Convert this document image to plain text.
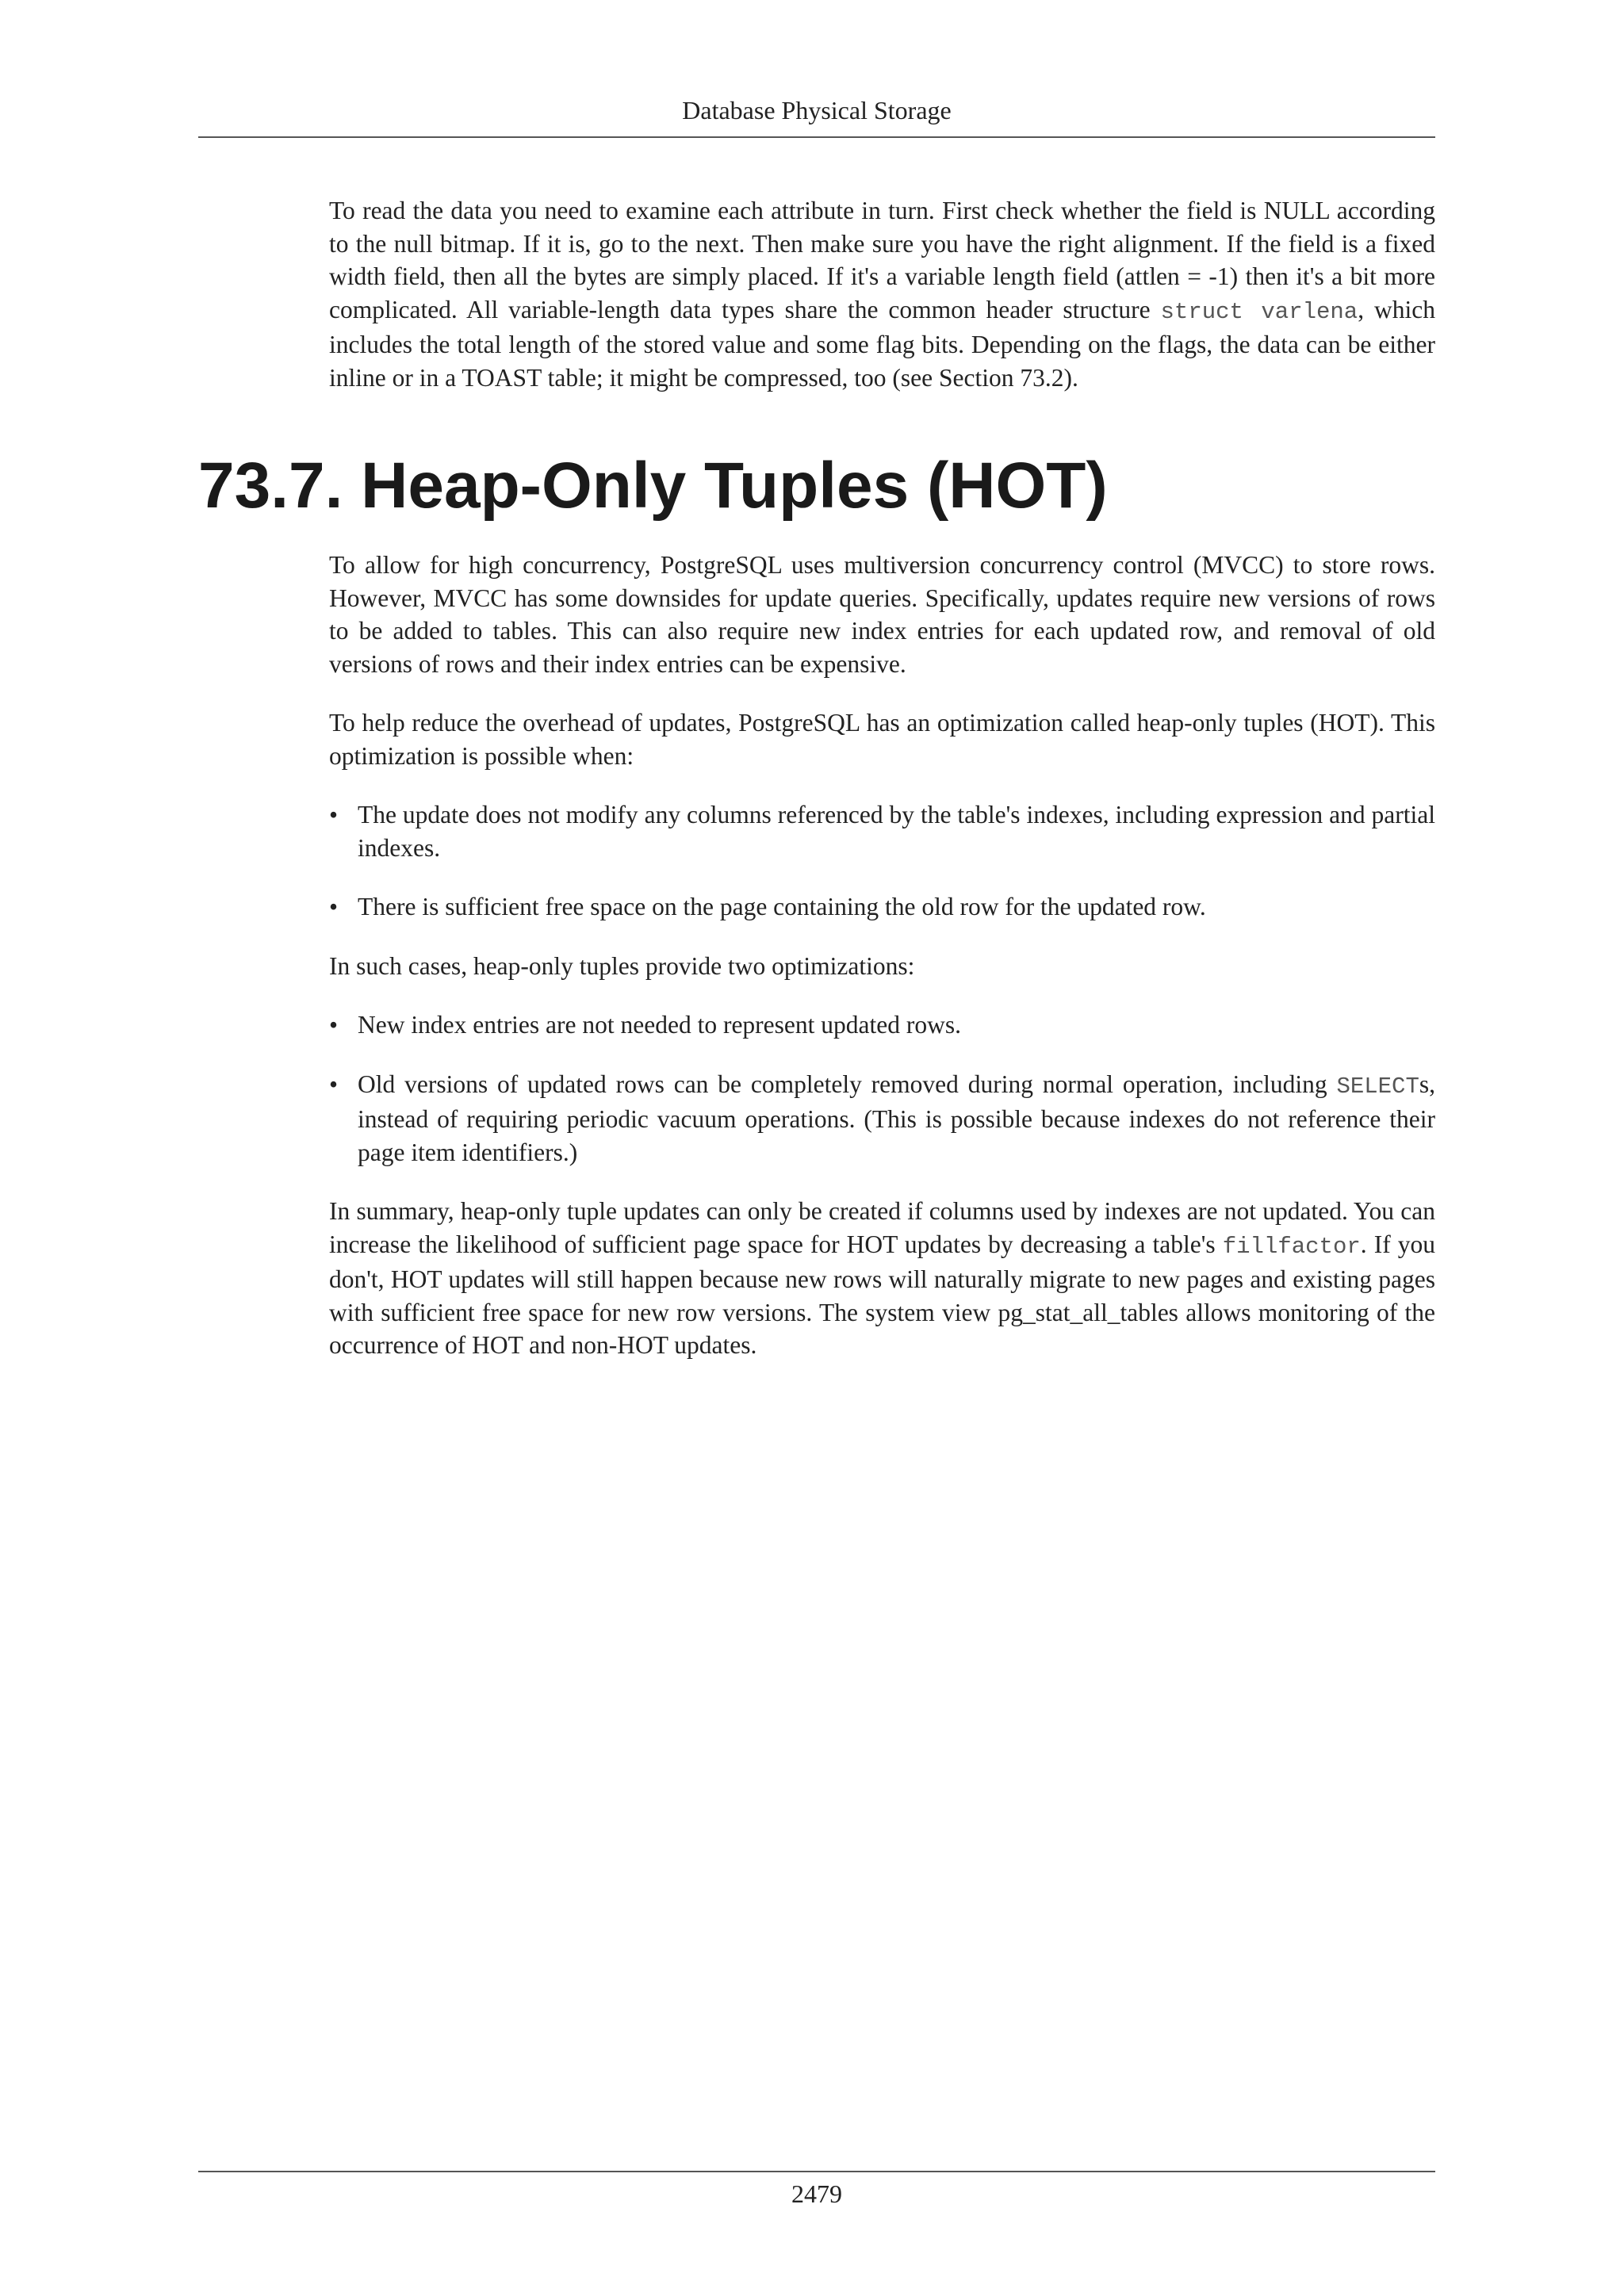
Database Physical Storage

To read the data you need to examine each attribute in turn. First check whether the field is NULL according to the null bitmap. If it is, go to the next. Then make sure you have the right alignment. If the field is a fixed width field, then all the bytes are simply placed. If it's a variable length field (attlen = -1) then it's a bit more complicated. All variable-length data types share the common header structure struct varlena, which includes the total length of the stored value and some flag bits. Depending on the flags, the data can be either inline or in a TOAST table; it might be compressed, too (see Section 73.2).

73.7. Heap-Only Tuples (HOT)

To allow for high concurrency, PostgreSQL uses multiversion concurrency control (MVCC) to store rows. However, MVCC has some downsides for update queries. Specifically, updates require new versions of rows to be added to tables. This can also require new index entries for each updated row, and removal of old versions of rows and their index entries can be expensive.

To help reduce the overhead of updates, PostgreSQL has an optimization called heap-only tuples (HOT). This optimization is possible when:

• The update does not modify any columns referenced by the table's indexes, including expression and partial indexes.
• There is sufficient free space on the page containing the old row for the updated row.

In such cases, heap-only tuples provide two optimizations:

• New index entries are not needed to represent updated rows.
• Old versions of updated rows can be completely removed during normal operation, including SELECTs, instead of requiring periodic vacuum operations. (This is possible because indexes do not reference their page item identifiers.)

In summary, heap-only tuple updates can only be created if columns used by indexes are not updated. You can increase the likelihood of sufficient page space for HOT updates by decreasing a table's fillfactor. If you don't, HOT updates will still happen because new rows will naturally migrate to new pages and existing pages with sufficient free space for new row versions. The system view pg_stat_all_tables allows monitoring of the occurrence of HOT and non-HOT updates.

2479
